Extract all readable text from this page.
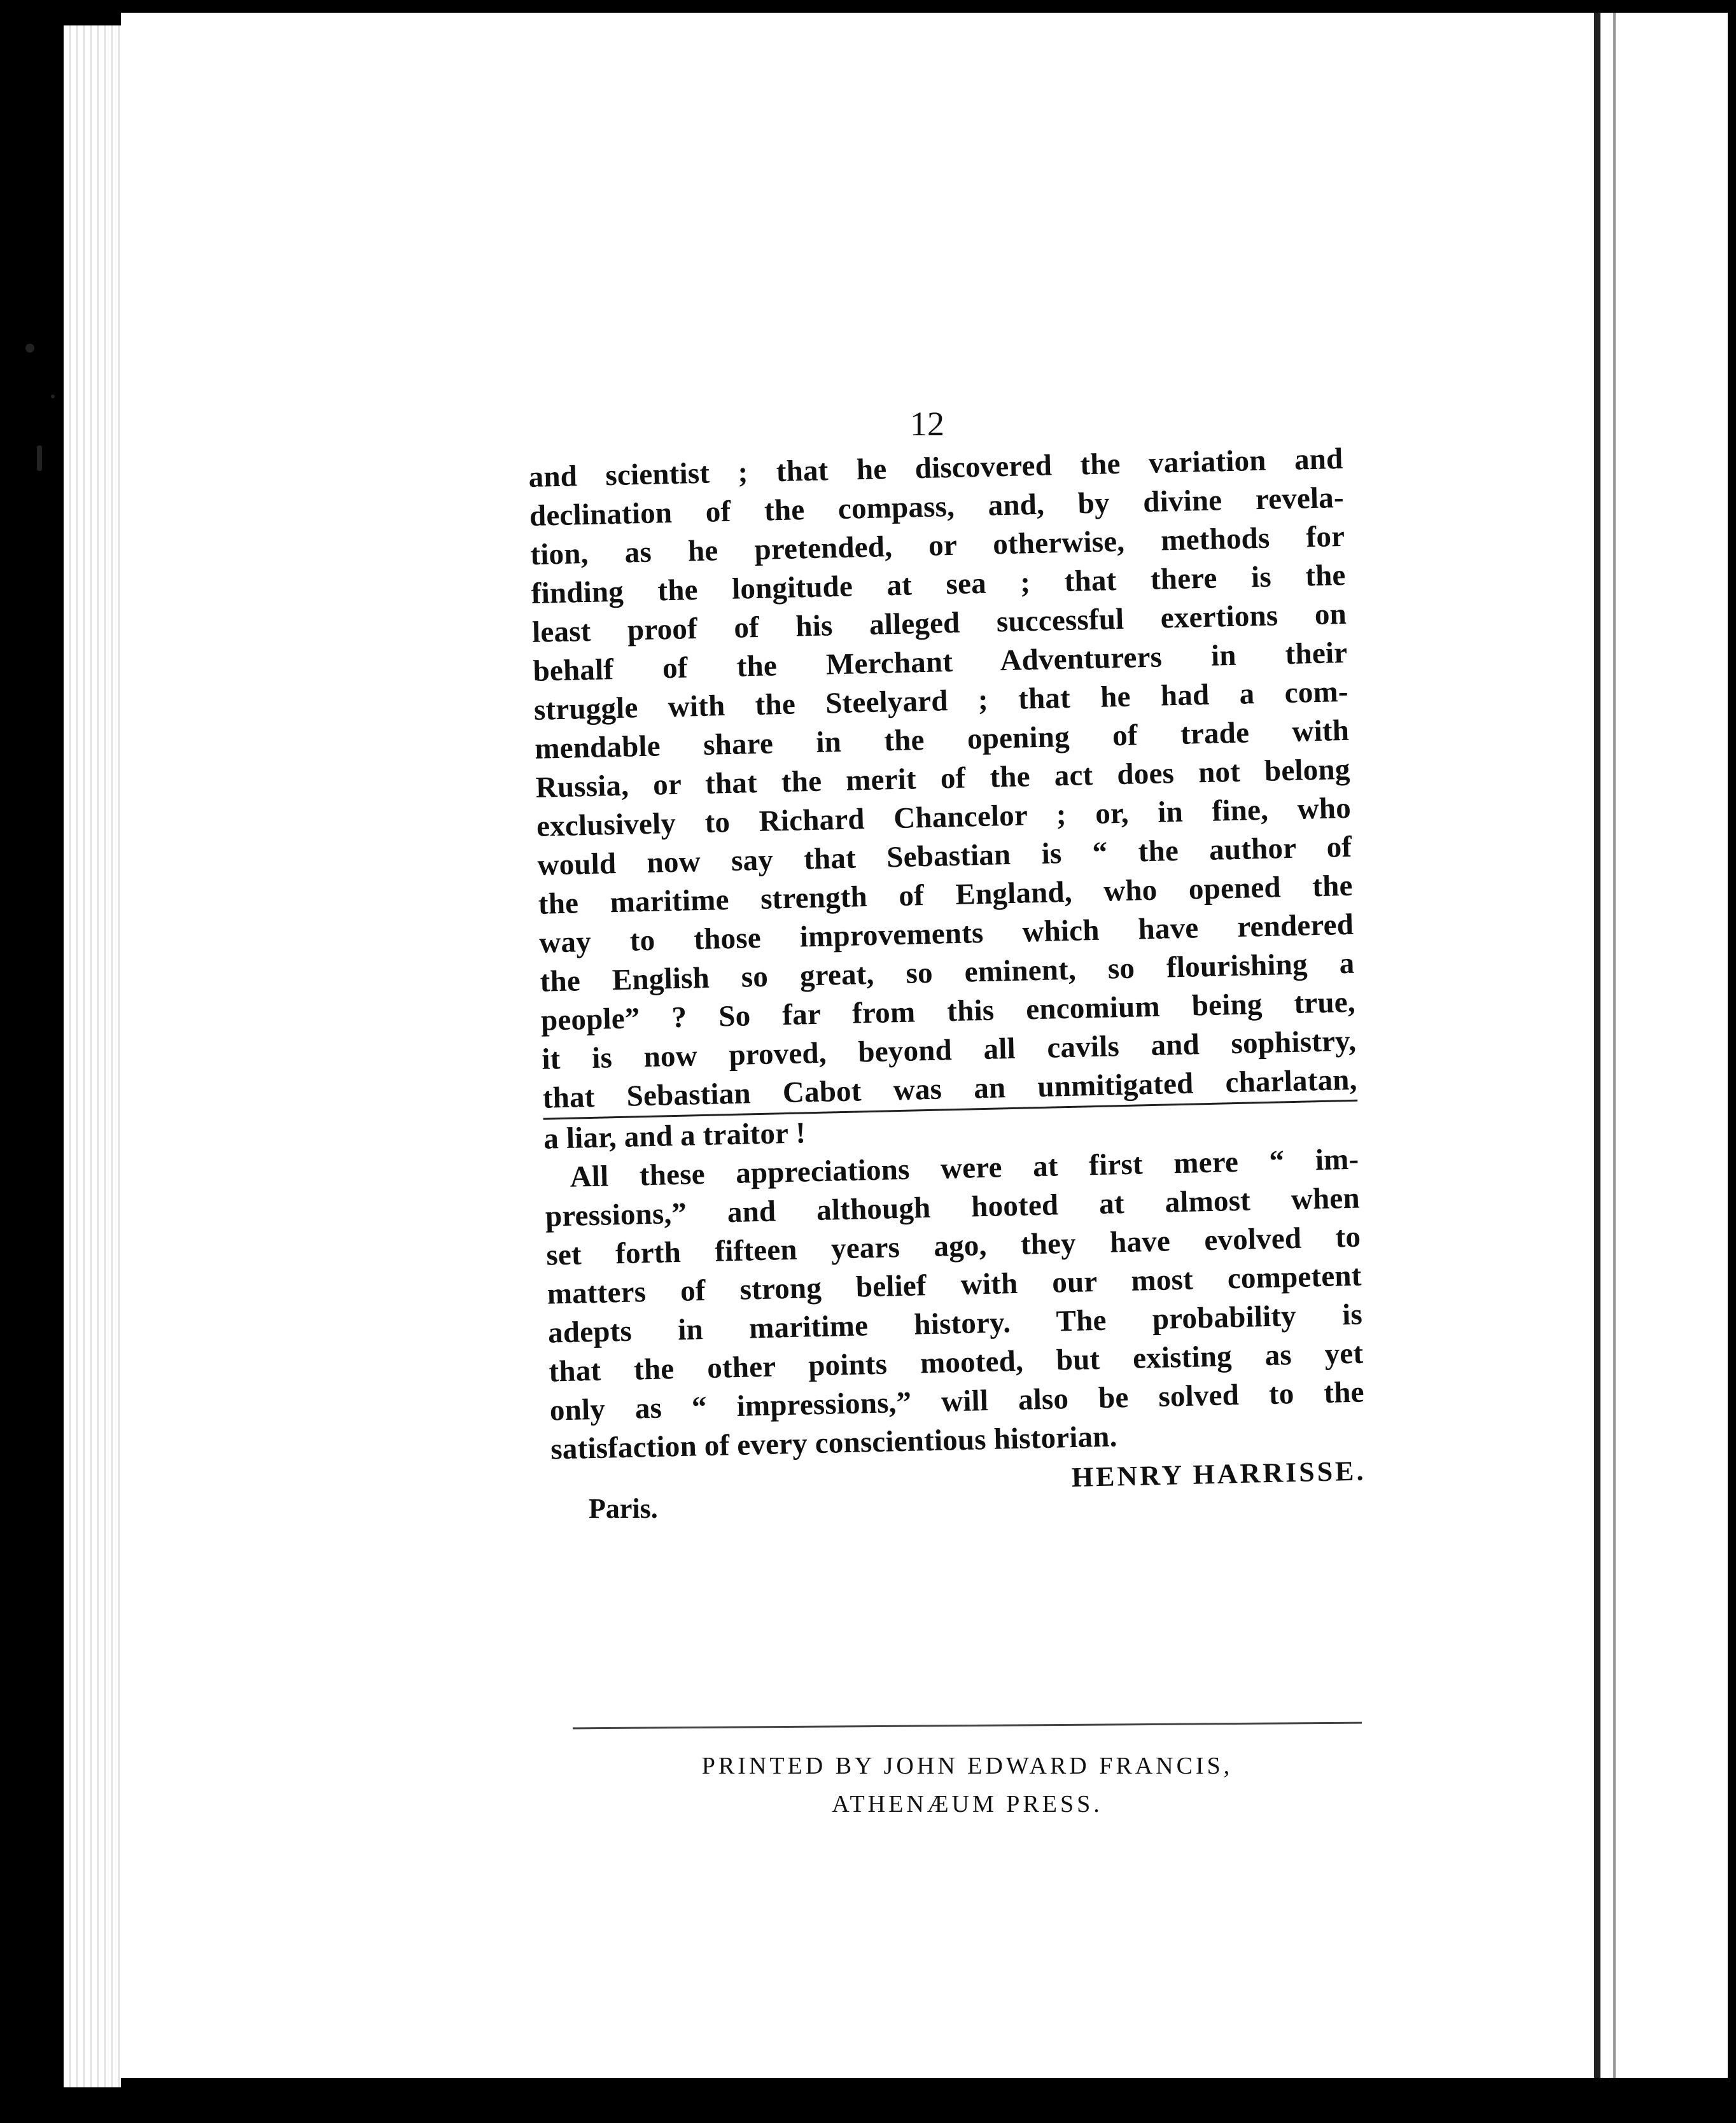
12
and scientist ; that he discovered the variation and
declination of the compass, and, by divine revela-
tion, as he pretended, or otherwise, methods for
finding the longitude at sea ; that there is the
least proof of his alleged successful exertions on
behalf of the Merchant Adventurers in their
struggle with the Steelyard ; that he had a com-
mendable share in the opening of trade with
Russia, or that the merit of the act does not belong
exclusively to Richard Chancelor ; or, in fine, who
would now say that Sebastian is “ the author of
the maritime strength of England, who opened the
way to those improvements which have rendered
the English so great, so eminent, so flourishing a
people” ? So far from this encomium being true,
it is now proved, beyond all cavils and sophistry,
that Sebastian Cabot was an unmitigated charlatan,
a liar, and a traitor !
All these appreciations were at first mere “ im-
pressions,” and although hooted at almost when
set forth fifteen years ago, they have evolved to
matters of strong belief with our most competent
adepts in maritime history. The probability is
that the other points mooted, but existing as yet
only as “ impressions,” will also be solved to the
satisfaction of every conscientious historian.
HENRY HARRISSE.
Paris.
PRINTED BY JOHN EDWARD FRANCIS,
ATHENÆUM PRESS.
